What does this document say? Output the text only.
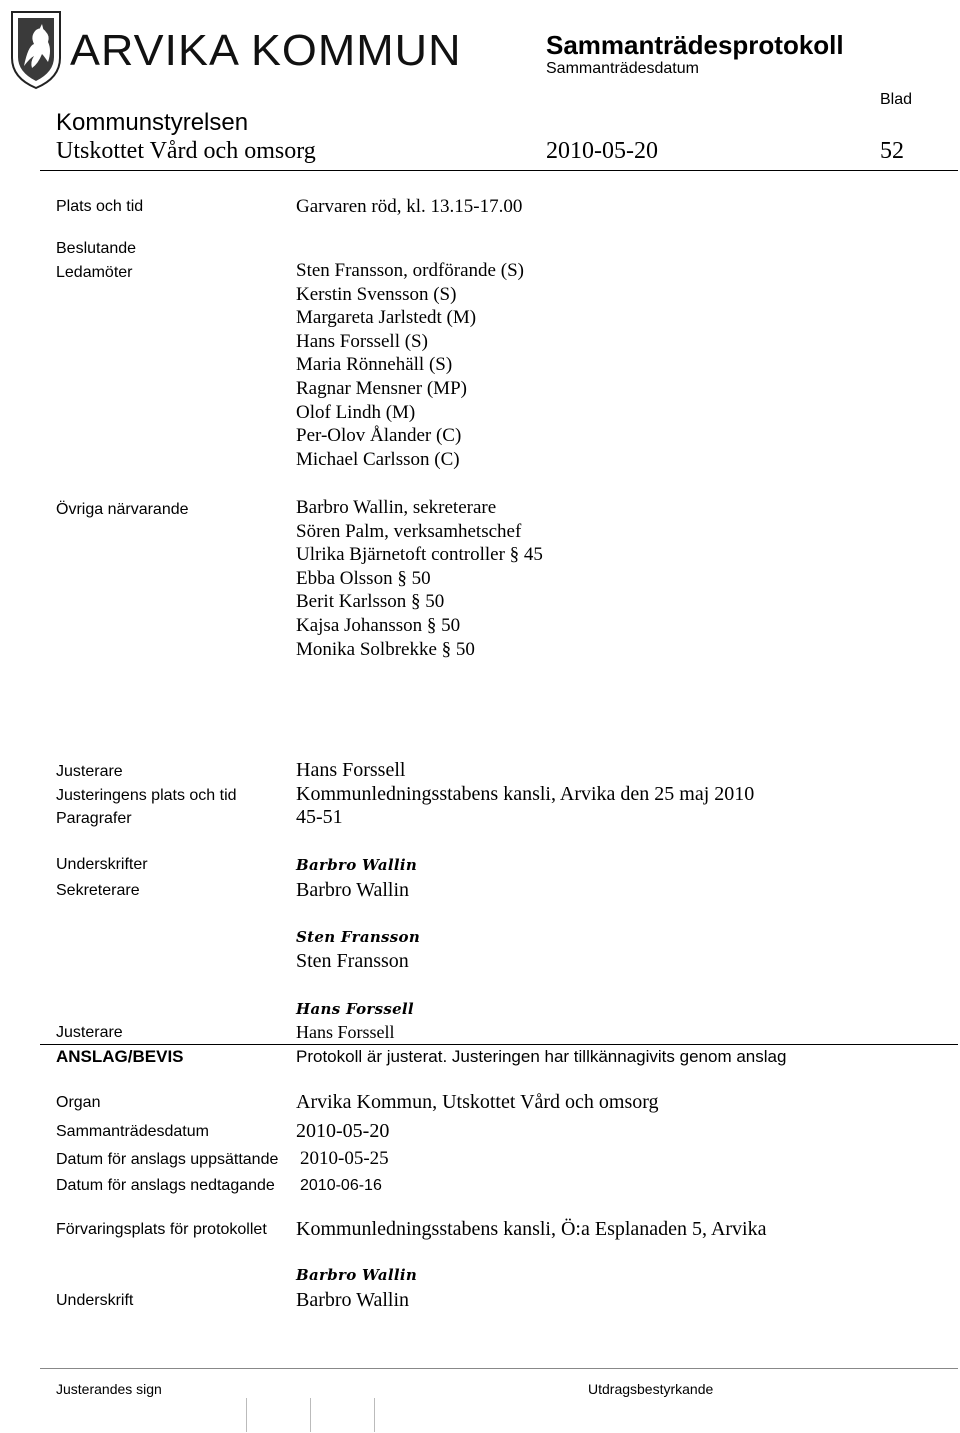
ARVIKA KOMMUN	Sammanträdesprotokoll
Sammanträdesdatum
Blad
Kommunstyrelsen
Utskottet Vård och omsorg	2010-05-20	52
Plats och tid	Garvaren röd, kl. 13.15-17.00
Beslutande
Ledamöter	Sten Fransson, ordförande (S)
Kerstin Svensson (S)
Margareta Jarlstedt (M)
Hans Forssell (S)
Maria Rönnehäll (S)
Ragnar Mensner (MP)
Olof Lindh (M)
Per-Olov Ålander (C)
Michael Carlsson (C)
Övriga närvarande	Barbro Wallin, sekreterare
Sören Palm, verksamhetschef
Ulrika Bjärnetoft controller § 45
Ebba Olsson § 50
Berit Karlsson § 50
Kajsa Johansson § 50
Monika Solbrekke § 50
Justerare	Hans Forssell
Justeringens plats och tid	Kommunledningsstabens kansli, Arvika den 25 maj 2010
Paragrafer	45-51
Underskrifter	Barbro Wallin
Sekreterare	Barbro Wallin
Sten Fransson
Sten Fransson
Hans Forssell
Justerare	Hans Forssell
ANSLAG/BEVIS	Protokoll är justerat. Justeringen har tillkännagivits genom anslag
Organ	Arvika Kommun, Utskottet Vård och omsorg
Sammanträdesdatum	2010-05-20
Datum för anslags uppsättande 2010-05-25
Datum för anslags nedtagande 2010-06-16
Förvaringsplats för protokollet Kommunledningsstabens kansli, Ö:a Esplanaden 5, Arvika
Barbro Wallin
Underskrift	Barbro Wallin
Justerandes sign	Utdragsbestyrkande
